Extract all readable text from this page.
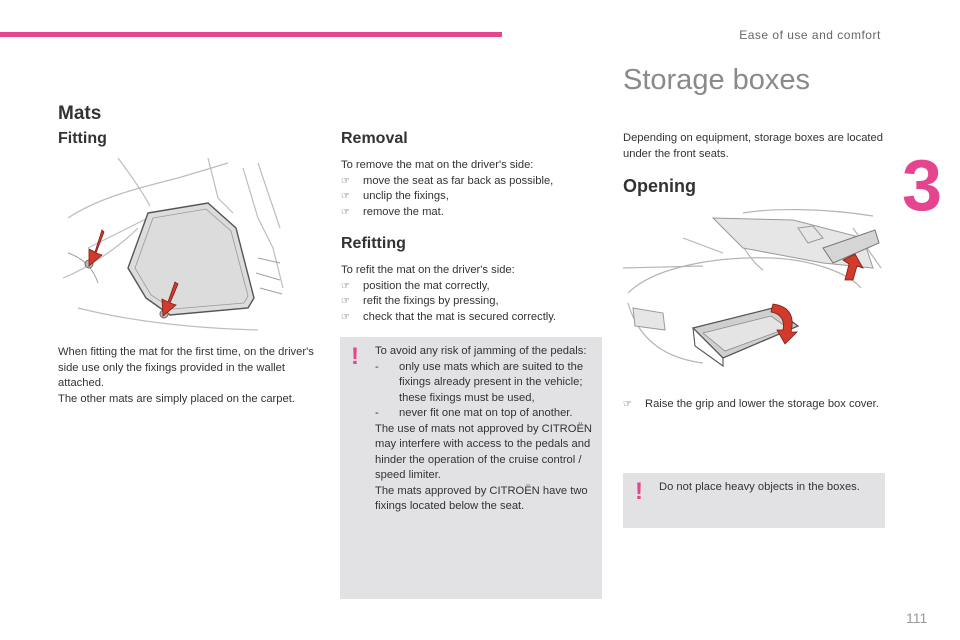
Ease of use and comfort
3
111
Mats
Fitting

When fitting the mat for the first time, on the driver's side use only the fixings provided in the wallet attached.

The other mats are simply placed on the carpet.

Removal

To remove the mat on the driver's side:

☞ move the seat as far back as possible,
☞ unclip the fixings,
☞ remove the mat.
Refitting

To refit the mat on the driver's side:

☞ position the mat correctly,
☞ refit the fixings by pressing,
☞ check that the mat is secured correctly.
! To avoid any risk of jamming of the pedals:

- only use mats which are suited to the fixings already present in the vehicle; these fixings must be used,
- never fit one mat on top of another.

The use of mats not approved by CITROËN may interfere with access to the pedals and hinder the operation of the cruise control / speed limiter.

The mats approved by CITROËN have two fixings located below the seat.

Storage boxes
Depending on equipment, storage boxes are located under the front seats.
Opening
☞ Raise the grip and lower the storage box cover.
! Do not place heavy objects in the boxes.
